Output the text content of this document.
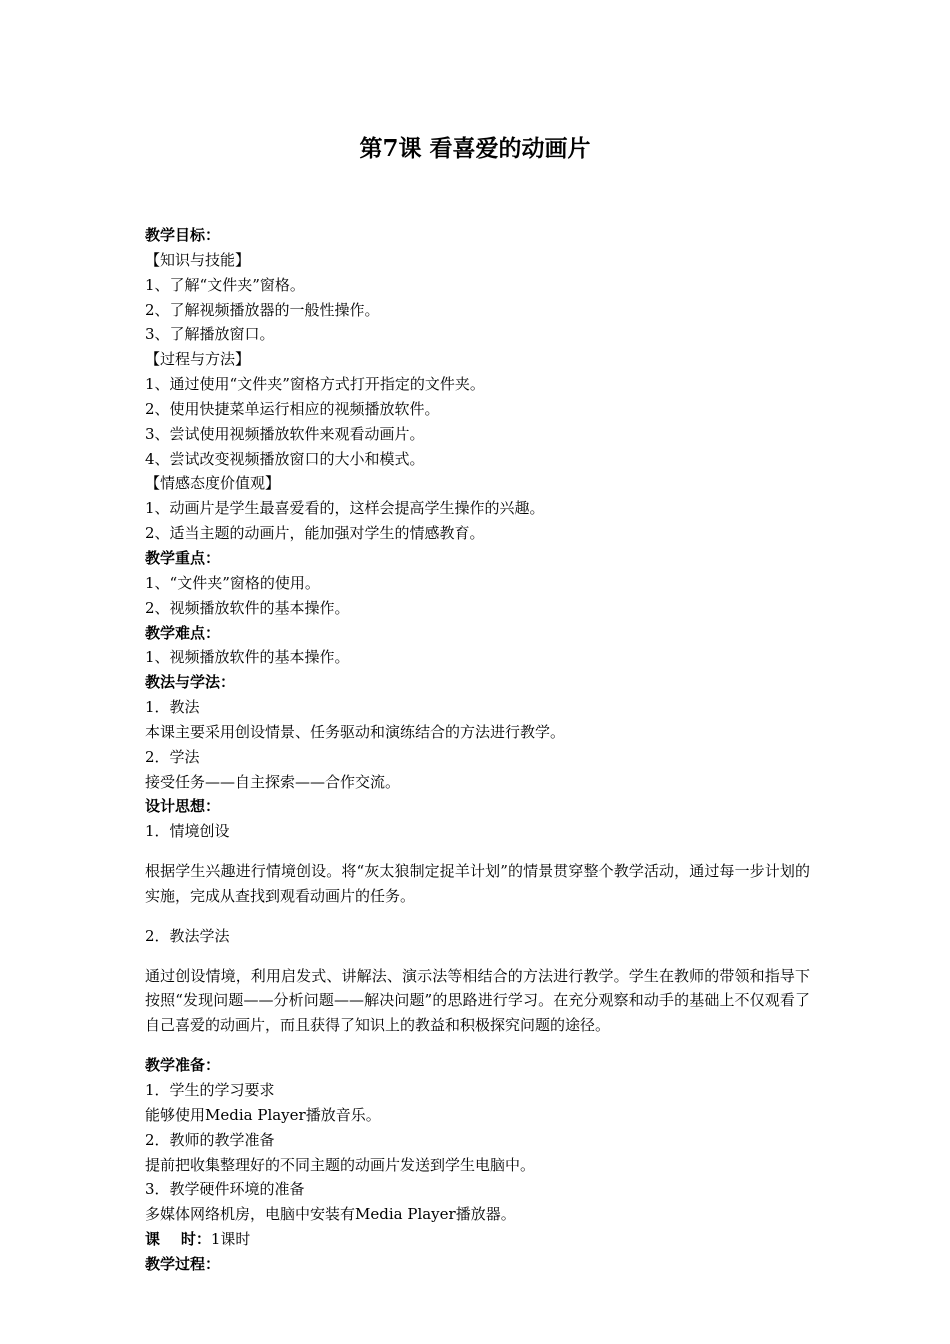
第7课 看喜爱的动画片

教学目标：

【知识与技能】

1、了解“文件夹”窗格。

2、了解视频播放器的一般性操作。

3、了解播放窗口。

【过程与方法】

1、通过使用“文件夹”窗格方式打开指定的文件夹。

2、使用快捷菜单运行相应的视频播放软件。

3、尝试使用视频播放软件来观看动画片。

4、尝试改变视频播放窗口的大小和模式。

【情感态度价值观】

1、动画片是学生最喜爱看的，这样会提高学生操作的兴趣。

2、适当主题的动画片，能加强对学生的情感教育。

教学重点：

1、“文件夹”窗格的使用。

2、视频播放软件的基本操作。

教学难点：

1、视频播放软件的基本操作。

教法与学法：

1．教法

本课主要采用创设情景、任务驱动和演练结合的方法进行教学。

2．学法

接受任务——自主探索——合作交流。

设计思想：

1．情境创设

根据学生兴趣进行情境创设。将“灰太狼制定捉羊计划”的情景贯穿整个教学活动，通过每一步计划的实施，完成从查找到观看动画片的任务。

2．教法学法

通过创设情境，利用启发式、讲解法、演示法等相结合的方法进行教学。学生在教师的带领和指导下按照“发现问题——分析问题——解决问题”的思路进行学习。在充分观察和动手的基础上不仅观看了自己喜爱的动画片，而且获得了知识上的教益和积极探究问题的途径。

教学准备：

1．学生的学习要求

能够使用Media Player播放音乐。

2．教师的教学准备

提前把收集整理好的不同主题的动画片发送到学生电脑中。

3．教学硬件环境的准备

多媒体网络机房，电脑中安装有Media Player播放器。

课    时：1课时

教学过程：
